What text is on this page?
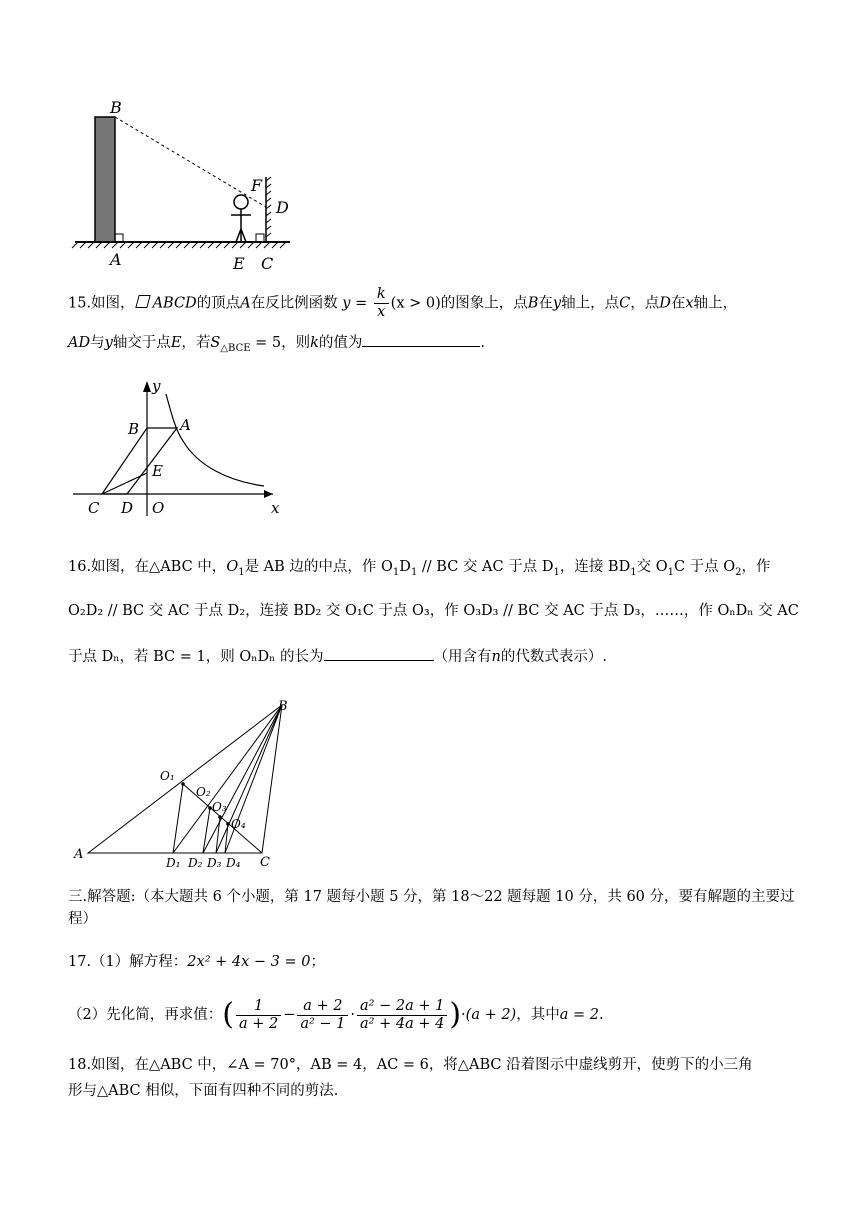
B
F
D
A	E C
15.如图， ABCD的顶点A在反比例函数 $y = \frac{k}{x} (x > 0)$的图象上，点B在y轴上，点C，点D在x轴上，
AD与y轴交于点E，若$S_{\triangle BCE} = 5$，则k的值为	.
y
B	A
E
C D O	x
16.如图，在△ABC 中，$O_1$是 AB 边的中点，作 $O_1D_1$ // BC 交 AC 于点 $D_1$，连接 $BD_1$交 $O_1C$ 于点 $O_2$，作
O₂D₂ // BC 交 AC 于点 D₂，连接 BD₂ 交 O₁C 于点 O₃，作 O₃D₃ // BC 交 AC 于点 D₃，……，作 OₙDₙ 交 AC
于点 Dₙ，若 BC = 1，则 OₙDₙ 的长为	（用含有n的代数式表示）.
B
A
C
O₁
O₂
O₃
O₄
D₁ D₂ D₃ D₄
三.解答题:（本大题共 6 个小题，第 17 题每小题 5 分，第 18～22 题每题 10 分，共 60 分，要有解题的主要过
程）
17.（1）解方程：2x² + 4x − 3 = 0；
（2）先化简，再求值：( $\frac{1}{a + 2} - \frac{a + 2}{\text{a² − 1}} \cdot \frac{\text{a² − 2a + 1}}{\text{a² + 4a + 4}} )\cdot(a + 2)$，其中a = 2.
18.如图，在△ABC 中，∠A = 70°，AB = 4，AC = 6，将△ABC 沿着图示中虚线剪开，使剪下的小三角
形与△ABC 相似，下面有四种不同的剪法.
